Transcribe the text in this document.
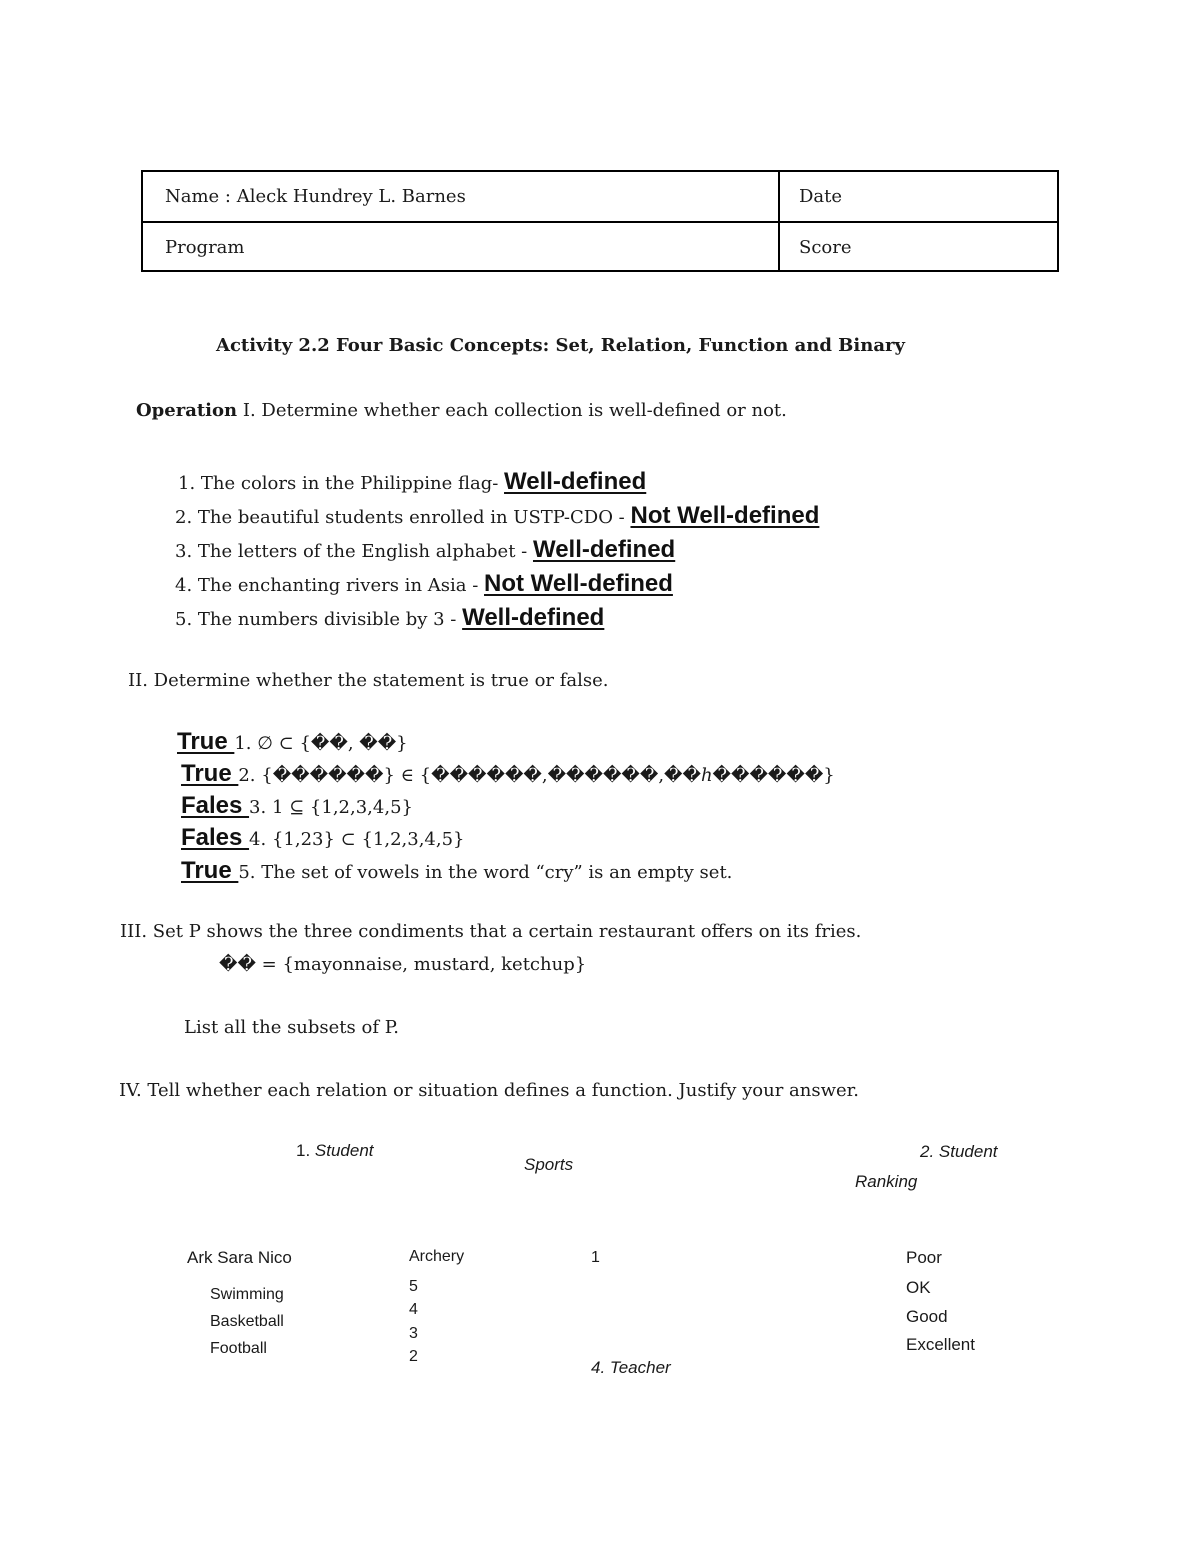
Name : Aleck Hundrey L. Barnes	Date
Program	Score
Activity 2.2 Four Basic Concepts: Set, Relation, Function and Binary
Operation I. Determine whether each collection is well-defined or not.
1. The colors in the Philippine flag- Well-defined
2. The beautiful students enrolled in USTP-CDO - Not Well-defined
3. The letters of the English alphabet - Well-defined
4. The enchanting rivers in Asia - Not Well-defined
5. The numbers divisible by 3 - Well-defined
II. Determine whether the statement is true or false.
True 1. ∅ ⊂ {��, ��}
True 2. {������} ∈ {������,������,��ℎ������}
Fales 3. 1 ⊆ {1,2,3,4,5}
Fales 4. {1,23} ⊂ {1,2,3,4,5}
True 5. The set of vowels in the word “cry” is an empty set.
III. Set P shows the three condiments that a certain restaurant offers on its fries.
�� = {mayonnaise, mustard, ketchup}
List all the subsets of P.
IV. Tell whether each relation or situation defines a function. Justify your answer.
1. Student
Sports
2. Student
Ranking
Ark Sara Nico	Archery	1
Swimming
Basketball
Football
5
4
3
2
Poor
OK
Good
Excellent
4. Teacher
